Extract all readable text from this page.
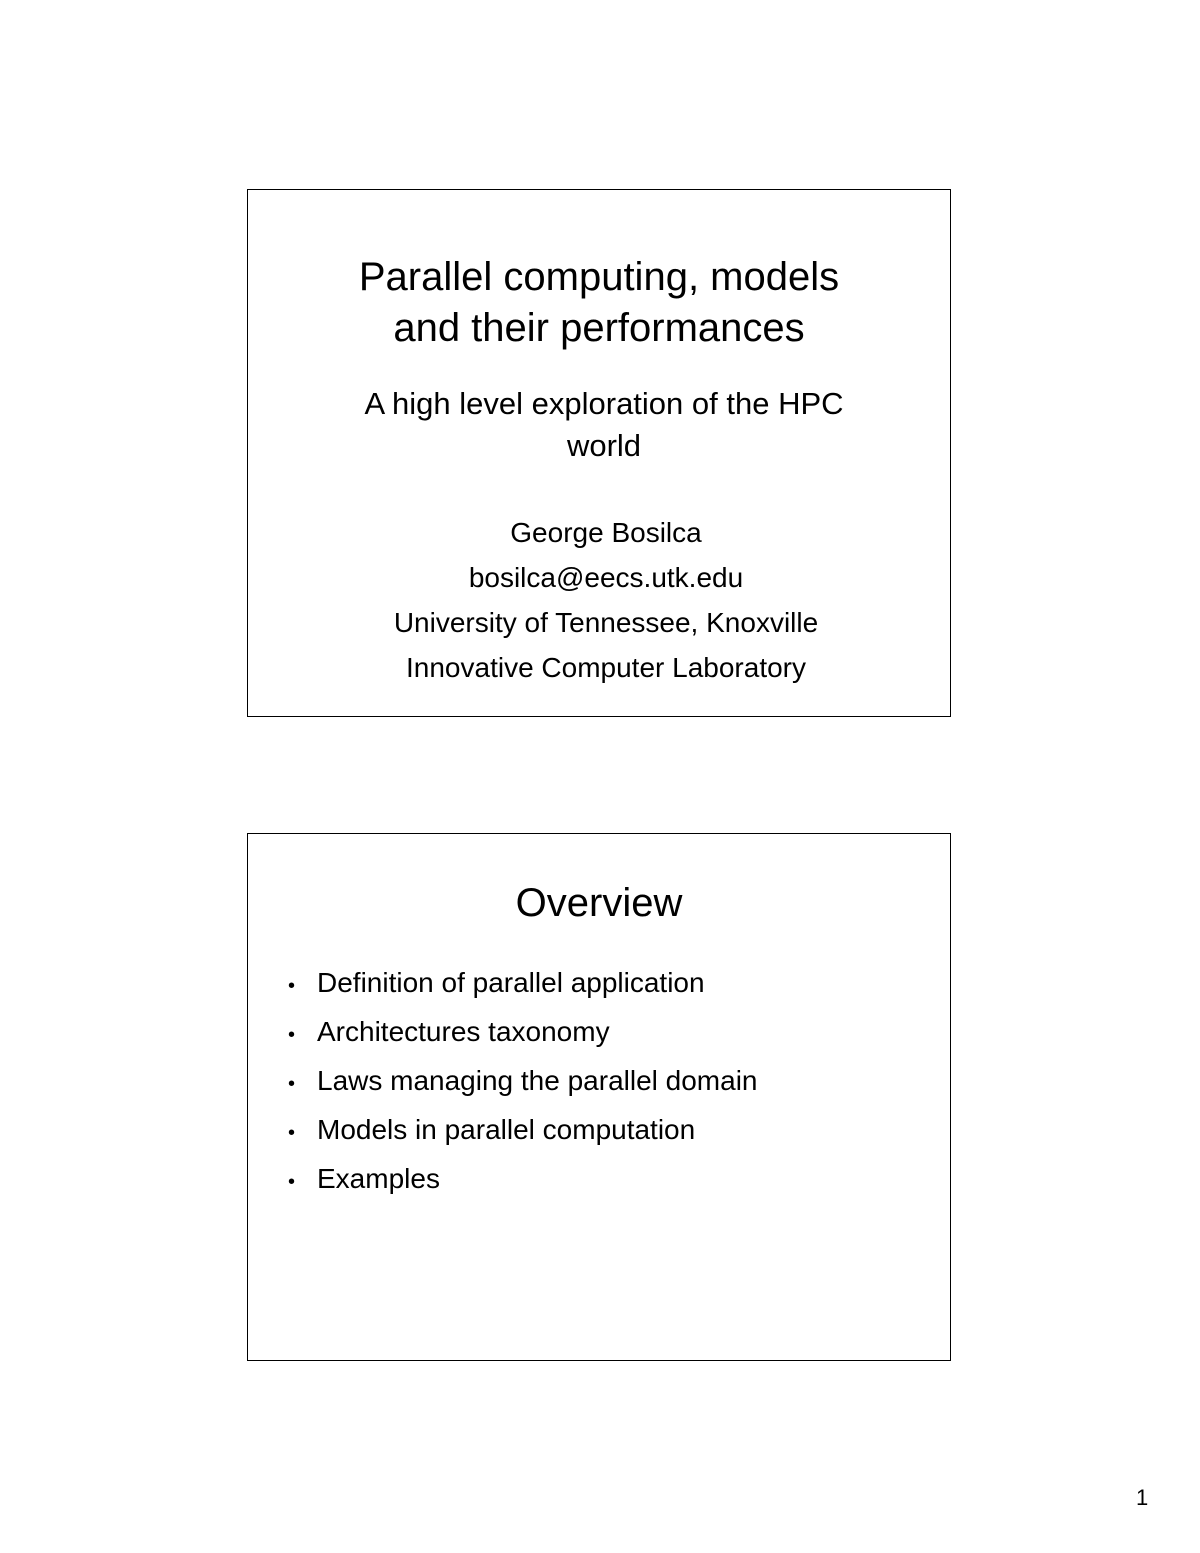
Parallel computing, models
and their performances
A high level exploration of the HPC
world
George Bosilca
bosilca@eecs.utk.edu
University of Tennessee, Knoxville
Innovative Computer Laboratory
Overview
• Definition of parallel application
• Architectures taxonomy
• Laws managing the parallel domain
• Models in parallel computation
• Examples
1
